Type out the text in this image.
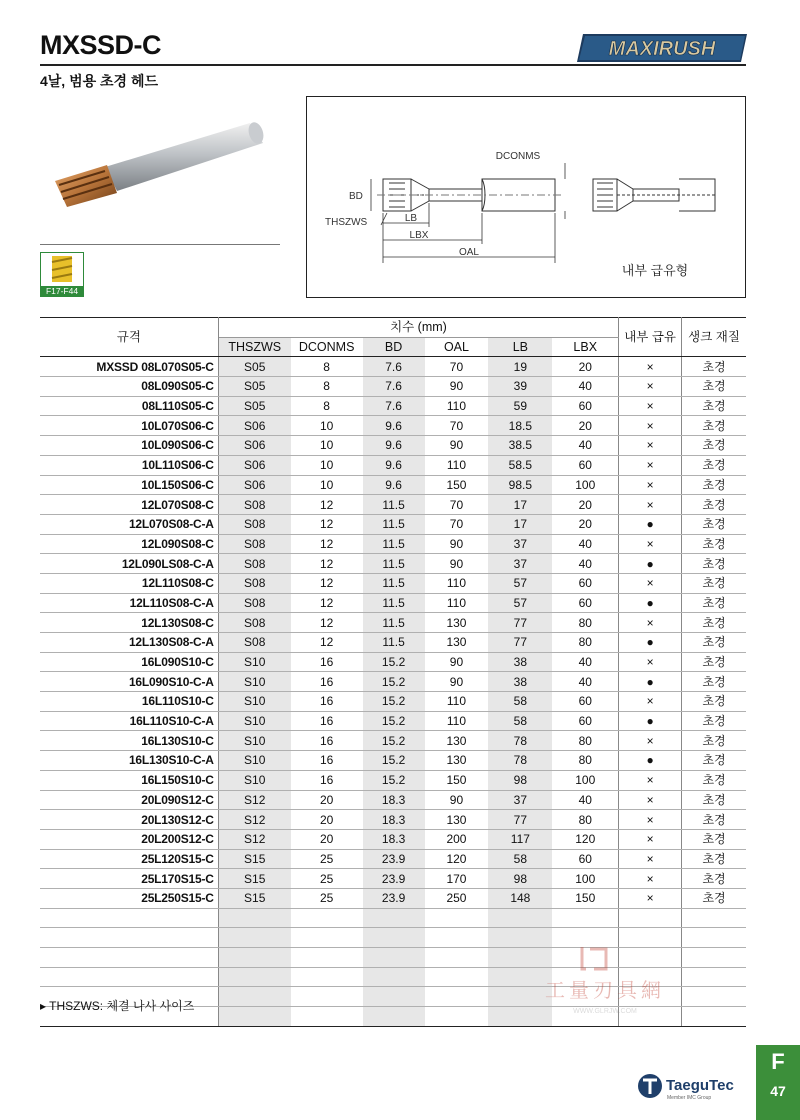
MXSSD-C
4날, 범용 초경 헤드
MAXIRUSH
F17-F44
DCONMS
BD
THSZWS	LB
LBX
OAL
내부 급유형
규격	치수 (mm)						내부 급유	생크 재질
	THSZWS	DCONMS	BD	OAL	LB	LBX		
MXSSD 08L070S05-C	S05	8	7.6	70	19	20	×	초경
08L090S05-C	S05	8	7.6	90	39	40	×	초경
08L110S05-C	S05	8	7.6	110	59	60	×	초경
10L070S06-C	S06	10	9.6	70	18.5	20	×	초경
10L090S06-C	S06	10	9.6	90	38.5	40	×	초경
10L110S06-C	S06	10	9.6	110	58.5	60	×	초경
10L150S06-C	S06	10	9.6	150	98.5	100	×	초경
12L070S08-C	S08	12	11.5	70	17	20	×	초경
12L070S08-C-A	S08	12	11.5	70	17	20	●	초경
12L090S08-C	S08	12	11.5	90	37	40	×	초경
12L090LS08-C-A	S08	12	11.5	90	37	40	●	초경
12L110S08-C	S08	12	11.5	110	57	60	×	초경
12L110S08-C-A	S08	12	11.5	110	57	60	●	초경
12L130S08-C	S08	12	11.5	130	77	80	×	초경
12L130S08-C-A	S08	12	11.5	130	77	80	●	초경
16L090S10-C	S10	16	15.2	90	38	40	×	초경
16L090S10-C-A	S10	16	15.2	90	38	40	●	초경
16L110S10-C	S10	16	15.2	110	58	60	×	초경
16L110S10-C-A	S10	16	15.2	110	58	60	●	초경
16L130S10-C	S10	16	15.2	130	78	80	×	초경
16L130S10-C-A	S10	16	15.2	130	78	80	●	초경
16L150S10-C	S10	16	15.2	150	98	100	×	초경
20L090S12-C	S12	20	18.3	90	37	40	×	초경
20L130S12-C	S12	20	18.3	130	77	80	×	초경
20L200S12-C	S12	20	18.3	200	117	120	×	초경
25L120S15-C	S15	25	23.9	120	58	60	×	초경
25L170S15-C	S15	25	23.9	170	98	100	×	초경
25L250S15-C	S15	25	23.9	250	148	150	×	초경

▸ THSZWS: 체결 나사 사이즈
工量刃具網
WWW.GLRJW.COM
TaeguTec
Member IMC Group
F
47
